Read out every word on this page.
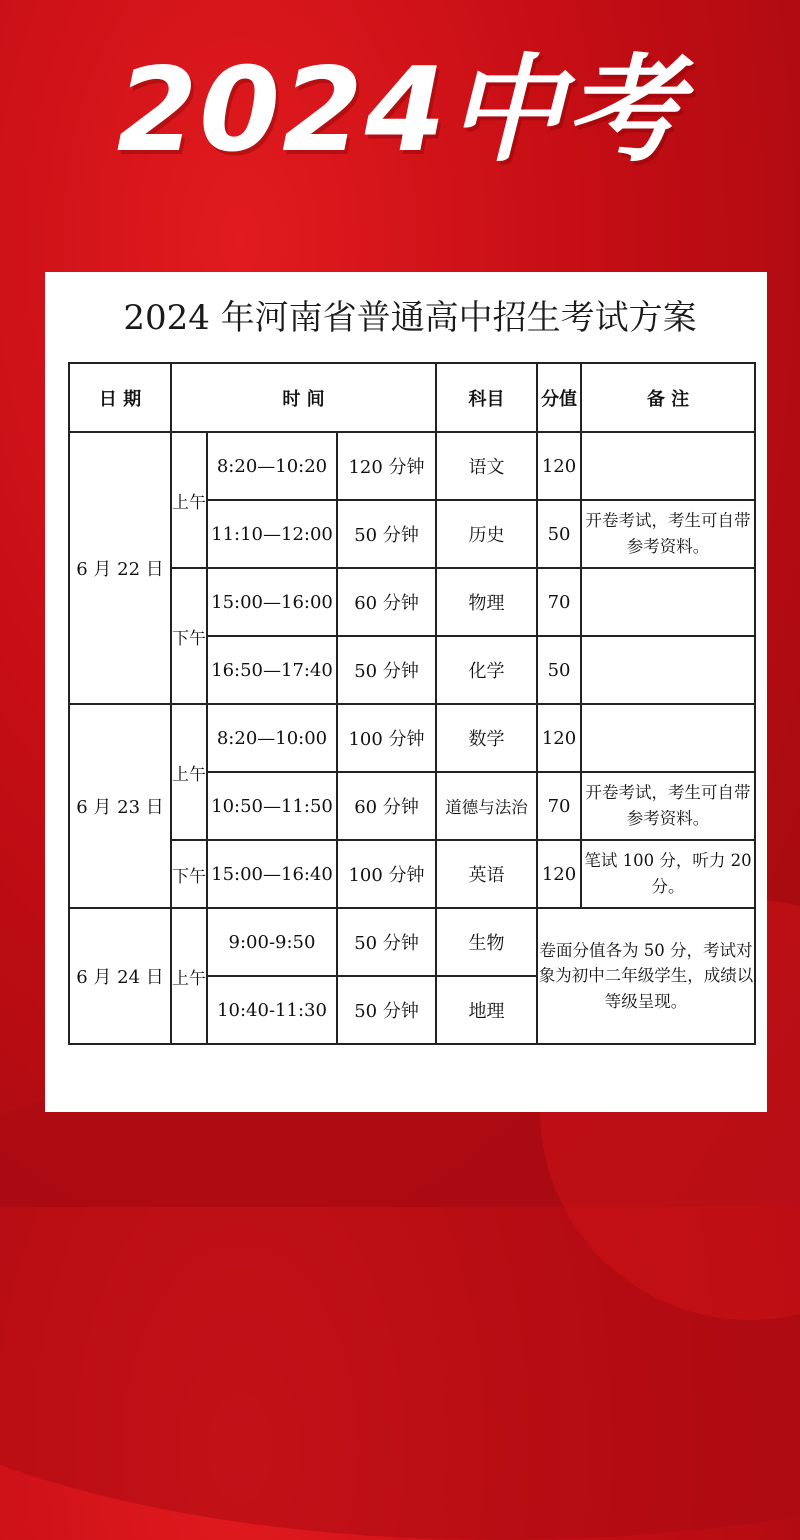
2024中考
2024 年河南省普通高中招生考试方案
日 期	时 间			科目	分值	备 注
6 月 22 日	上午	8:20—10:20	120 分钟	语文	120	
		11:10—12:00	50 分钟	历史	50	开卷考试，考生可自带参考资料。
	下午	15:00—16:00	60 分钟	物理	70	
		16:50—17:40	50 分钟	化学	50	
6 月 23 日	上午	8:20—10:00	100 分钟	数学	120	
		10:50—11:50	60 分钟	道德与法治	70	开卷考试，考生可自带参考资料。
	下午	15:00—16:40	100 分钟	英语	120	笔试 100 分，听力 20 分。
6 月 24 日	上午	9:00-9:50	50 分钟	生物	卷面分值各为 50 分，考试对象为初中二年级学生，成绩以等级呈现。	
		10:40-11:30	50 分钟	地理		
